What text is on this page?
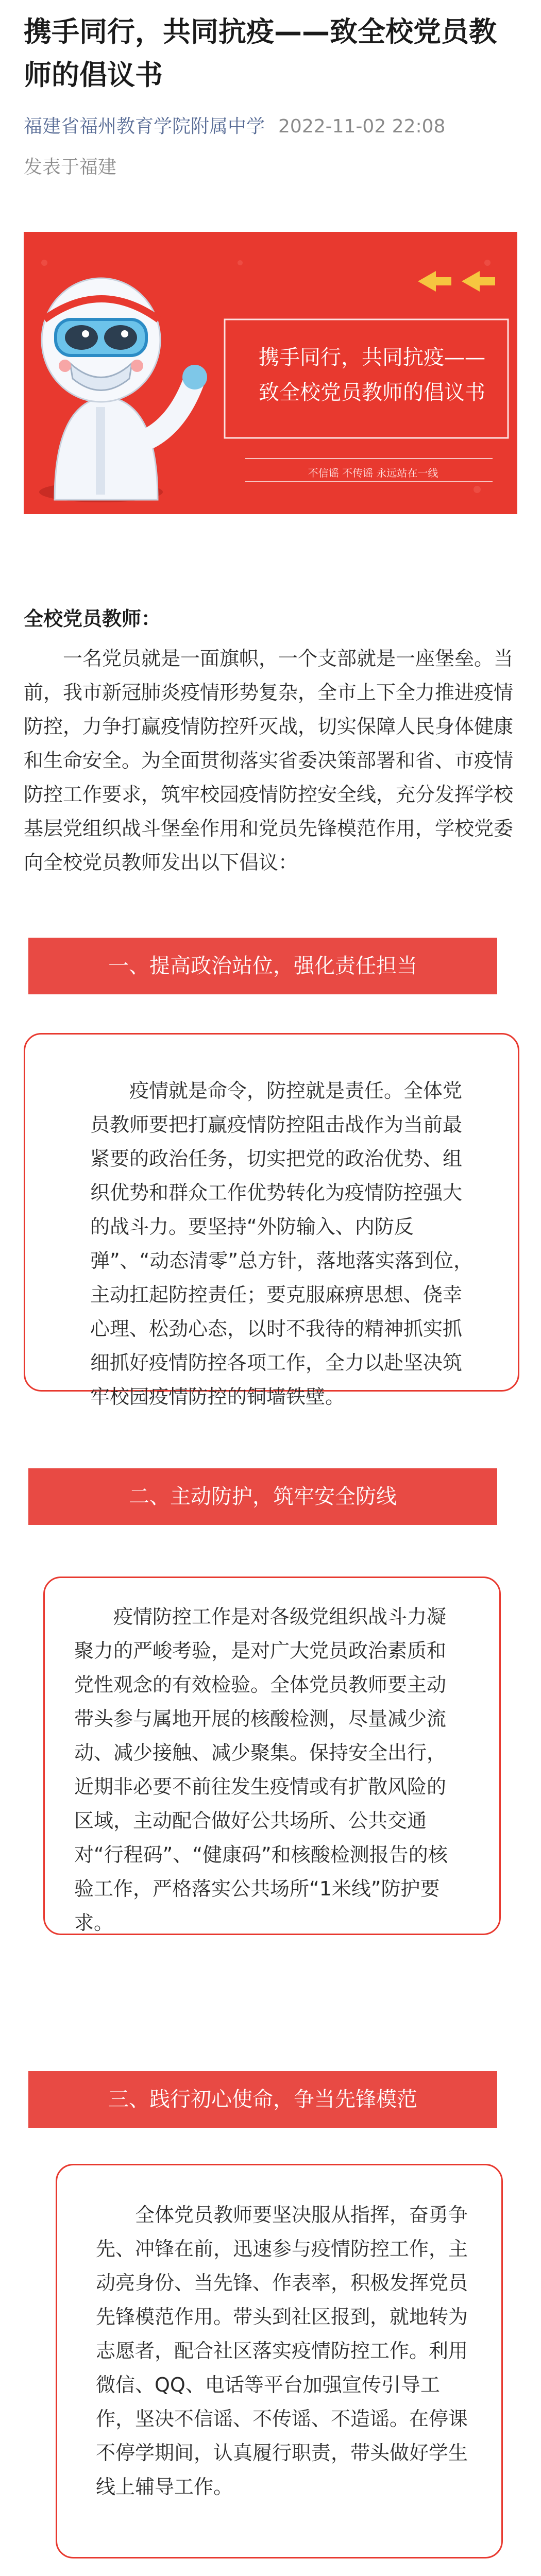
携手同行，共同抗疫——致全校党员教师的倡议书
福建省福州教育学院附属中学 2022-11-02 22:08
发表于福建
携手同行，共同抗疫——
致全校党员教师的倡议书
不信谣 不传谣 永远站在一线
全校党员教师：

一名党员就是一面旗帜，一个支部就是一座堡垒。当前，我市新冠肺炎疫情形势复杂，全市上下全力推进疫情防控，力争打赢疫情防控歼灭战，切实保障人民身体健康和生命安全。为全面贯彻落实省委决策部署和省、市疫情防控工作要求，筑牢校园疫情防控安全线，充分发挥学校基层党组织战斗堡垒作用和党员先锋模范作用，学校党委向全校党员教师发出以下倡议：

一、提高政治站位，强化责任担当

疫情就是命令，防控就是责任。全体党员教师要把打赢疫情防控阻击战作为当前最紧要的政治任务，切实把党的政治优势、组织优势和群众工作优势转化为疫情防控强大的战斗力。要坚持“外防输入、内防反弹”、“动态清零”总方针，落地落实落到位，主动扛起防控责任；要克服麻痹思想、侥幸心理、松劲心态，以时不我待的精神抓实抓细抓好疫情防控各项工作，全力以赴坚决筑牢校园疫情防控的铜墙铁壁。

二、主动防护，筑牢安全防线

疫情防控工作是对各级党组织战斗力凝聚力的严峻考验，是对广大党员政治素质和党性观念的有效检验。全体党员教师要主动带头参与属地开展的核酸检测，尽量减少流动、减少接触、减少聚集。保持安全出行，近期非必要不前往发生疫情或有扩散风险的区域，主动配合做好公共场所、公共交通对“行程码”、“健康码”和核酸检测报告的核验工作，严格落实公共场所“1米线”防护要求。

三、践行初心使命，争当先锋模范

全体党员教师要坚决服从指挥，奋勇争先、冲锋在前，迅速参与疫情防控工作，主动亮身份、当先锋、作表率，积极发挥党员先锋模范作用。带头到社区报到，就地转为志愿者，配合社区落实疫情防控工作。利用微信、QQ、电话等平台加强宣传引导工作，坚决不信谣、不传谣、不造谣。在停课不停学期间，认真履行职责，带头做好学生线上辅导工作。
